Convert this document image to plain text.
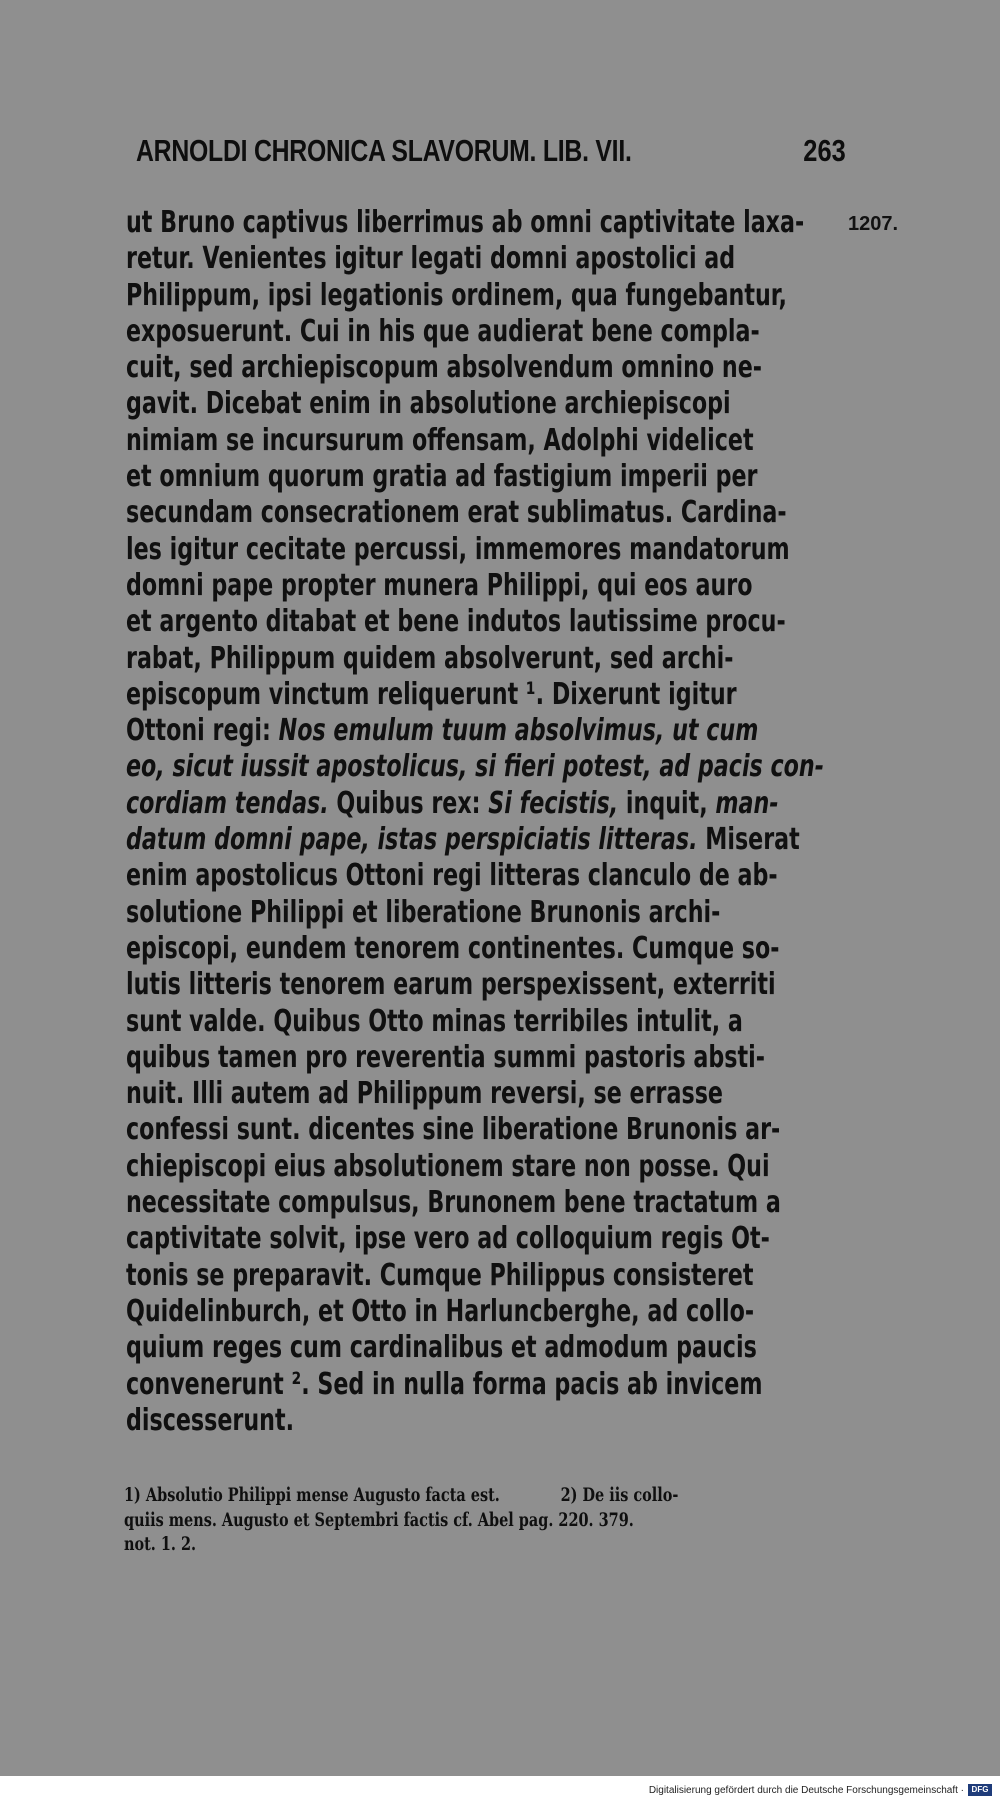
ARNOLDI CHRONICA SLAVORUM. LIB. VII.	263
1207.
ut Bruno captivus liberrimus ab omni captivitate laxa-
retur. Venientes igitur legati domni apostolici ad
Philippum, ipsi legationis ordinem, qua fungebantur,
exposuerunt. Cui in his que audierat bene compla-
cuit, sed archiepiscopum absolvendum omnino ne-
gavit. Dicebat enim in absolutione archiepiscopi
nimiam se incursurum offensam, Adolphi videlicet
et omnium quorum gratia ad fastigium imperii per
secundam consecrationem erat sublimatus. Cardina-
les igitur cecitate percussi, immemores mandatorum
domni pape propter munera Philippi, qui eos auro
et argento ditabat et bene indutos lautissime procu-
rabat, Philippum quidem absolverunt, sed archi-
episcopum vinctum reliquerunt ¹. Dixerunt igitur
Ottoni regi: Nos emulum tuum absolvimus, ut cum
eo, sicut iussit apostolicus, si fieri potest, ad pacis con-
cordiam tendas. Quibus rex: Si fecistis, inquit, man-
datum domni pape, istas perspiciatis litteras. Miserat
enim apostolicus Ottoni regi litteras clanculo de ab-
solutione Philippi et liberatione Brunonis archi-
episcopi, eundem tenorem continentes. Cumque so-
lutis litteris tenorem earum perspexissent, exterriti
sunt valde. Quibus Otto minas terribiles intulit, a
quibus tamen pro reverentia summi pastoris absti-
nuit. Illi autem ad Philippum reversi, se errasse
confessi sunt. dicentes sine liberatione Brunonis ar-
chiepiscopi eius absolutionem stare non posse. Qui
necessitate compulsus, Brunonem bene tractatum a
captivitate solvit, ipse vero ad colloquium regis Ot-
tonis se preparavit. Cumque Philippus consisteret
Quidelinburch, et Otto in Harluncberghe, ad collo-
quium reges cum cardinalibus et admodum paucis
convenerunt ². Sed in nulla forma pacis ab invicem
discesserunt.
1) Absolutio Philippi mense Augusto facta est.	2) De iis collo-
quiis mens. Augusto et Septembri factis cf. Abel pag. 220. 379.
not. 1. 2.
Digitalisierung gefördert durch die Deutsche Forschungsgemeinschaft · DFG
